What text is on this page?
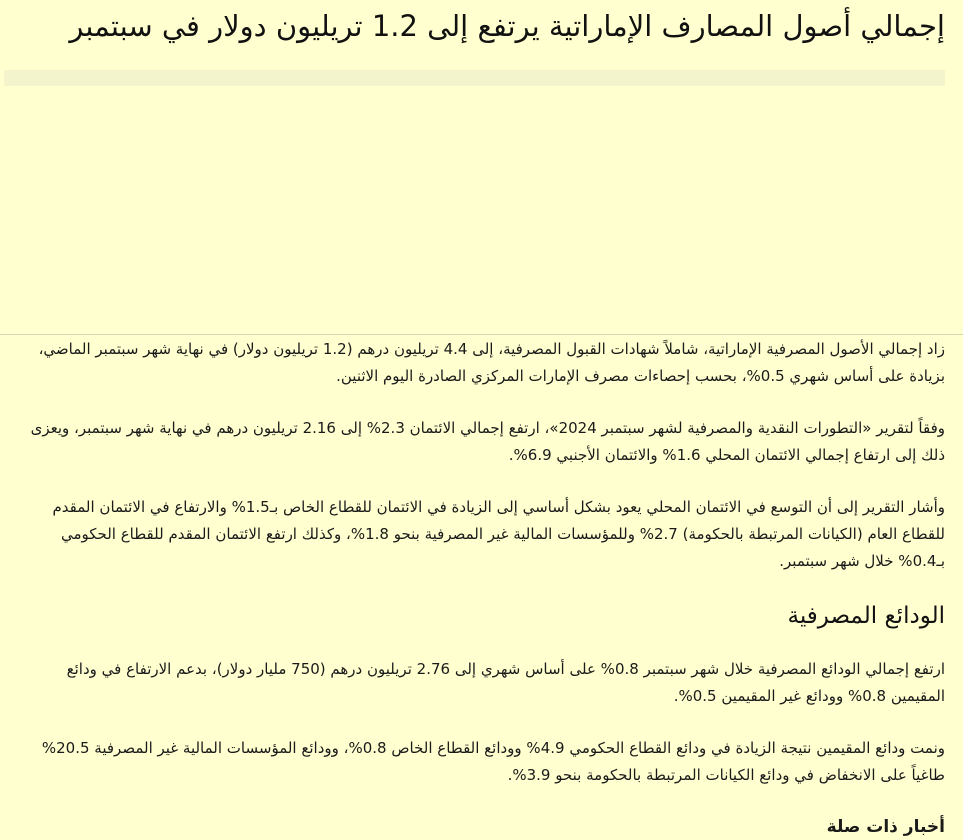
إجمالي أصول المصارف الإماراتية يرتفع إلى 1.2 تريليون دولار في سبتمبر

زاد إجمالي الأصول المصرفية الإماراتية، شاملاً شهادات القبول المصرفية، إلى 4.4 تريليون درهم (1.2 تريليون دولار) في نهاية شهر سبتمبر الماضي، بزيادة على أساس شهري 0.5%، بحسب إحصاءات مصرف الإمارات المركزي الصادرة اليوم الاثنين.

وفقاً لتقرير «التطورات النقدية والمصرفية لشهر سبتمبر 2024»، ارتفع إجمالي الائتمان 2.3% إلى 2.16 تريليون درهم في نهاية شهر سبتمبر، ويعزى ذلك إلى ارتفاع إجمالي الائتمان المحلي 1.6% والائتمان الأجنبي 6.9%.

وأشار التقرير إلى أن التوسع في الائتمان المحلي يعود بشكل أساسي إلى الزيادة في الائتمان للقطاع الخاص بـ1.5% والارتفاع في الائتمان المقدم للقطاع العام (الكيانات المرتبطة بالحكومة) 2.7% وللمؤسسات المالية غير المصرفية بنحو 1.8%، وكذلك ارتفع الائتمان المقدم للقطاع الحكومي بـ0.4% خلال شهر سبتمبر.

الودائع المصرفية

ارتفع إجمالي الودائع المصرفية خلال شهر سبتمبر 0.8% على أساس شهري إلى 2.76 تريليون درهم (750 مليار دولار)، بدعم الارتفاع في ودائع المقيمين 0.8% وودائع غير المقيمين 0.5%.

ونمت ودائع المقيمين نتيجة الزيادة في ودائع القطاع الحكومي 4.9% وودائع القطاع الخاص 0.8%، وودائع المؤسسات المالية غير المصرفية 20.5% طاغياً على الانخفاض في ودائع الكيانات المرتبطة بالحكومة بنحو 3.9%.

أخبار ذات صلة
